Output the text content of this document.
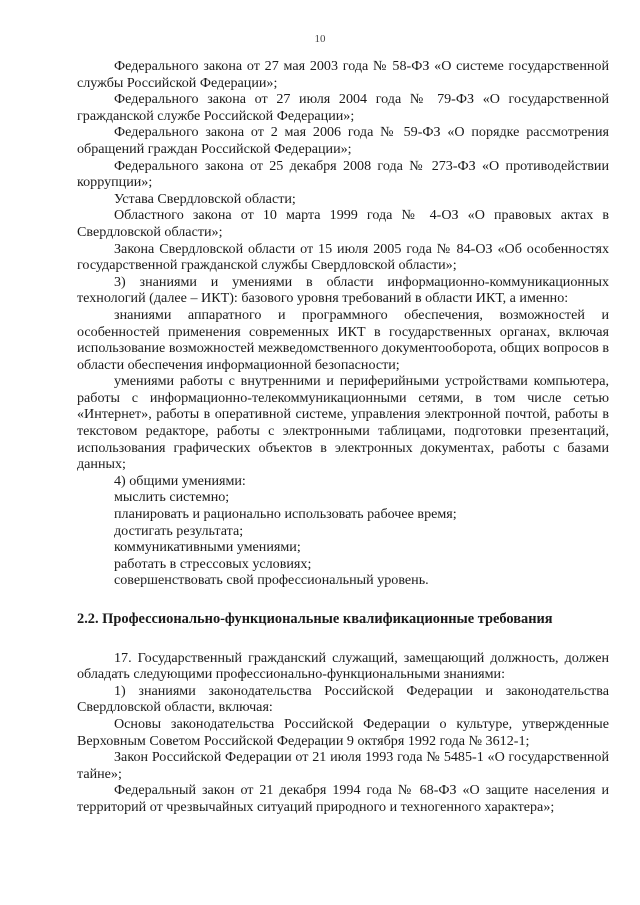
10

Федерального закона от 27 мая 2003 года № 58-ФЗ «О системе государственной службы Российской Федерации»;

Федерального закона от 27 июля 2004 года № 79-ФЗ «О государственной гражданской службе Российской Федерации»;

Федерального закона от 2 мая 2006 года № 59-ФЗ «О порядке рассмотрения обращений граждан Российской Федерации»;

Федерального закона от 25 декабря 2008 года № 273-ФЗ «О противодействии коррупции»;

Устава Свердловской области;

Областного закона от 10 марта 1999 года № 4-ОЗ «О правовых актах в Свердловской области»;

Закона Свердловской области от 15 июля 2005 года № 84-ОЗ «Об особенностях государственной гражданской службы Свердловской области»;

3) знаниями и умениями в области информационно-коммуникационных технологий (далее – ИКТ): базового уровня требований в области ИКТ, а именно:

знаниями аппаратного и программного обеспечения, возможностей и особенностей применения современных ИКТ в государственных органах, включая использование возможностей межведомственного документооборота, общих вопросов в области обеспечения информационной безопасности;

умениями работы с внутренними и периферийными устройствами компьютера, работы с информационно-телекоммуникационными сетями, в том числе сетью «Интернет», работы в оперативной системе, управления электронной почтой, работы в текстовом редакторе, работы с электронными таблицами, подготовки презентаций, использования графических объектов в электронных документах, работы с базами данных;

4) общими умениями:

мыслить системно;

планировать и рационально использовать рабочее время;

достигать результата;

коммуникативными умениями;

работать в стрессовых условиях;

совершенствовать свой профессиональный уровень.

2.2. Профессионально-функциональные квалификационные требования

17. Государственный гражданский служащий, замещающий должность, должен обладать следующими профессионально-функциональными знаниями:

1) знаниями законодательства Российской Федерации и законодательства Свердловской области, включая:

Основы законодательства Российской Федерации о культуре, утвержденные Верховным Советом Российской Федерации 9 октября 1992 года № 3612-1;

Закон Российской Федерации от 21 июля 1993 года № 5485-1 «О государственной тайне»;

Федеральный закон от 21 декабря 1994 года № 68-ФЗ «О защите населения и территорий от чрезвычайных ситуаций природного и техногенного характера»;
